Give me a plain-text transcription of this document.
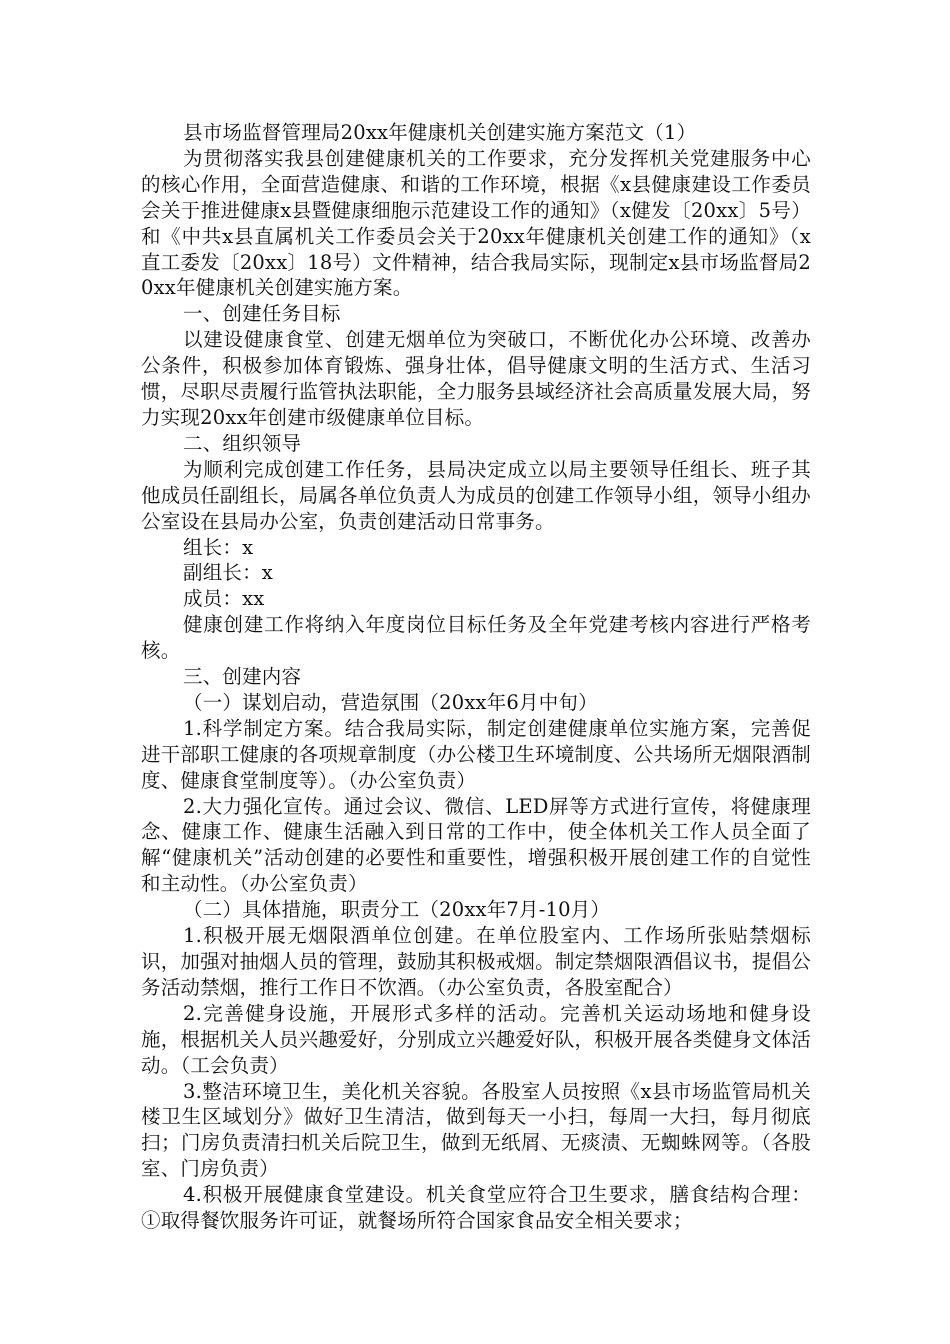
县市场监督管理局20xx年健康机关创建实施方案范文（1）

为贯彻落实我县创建健康机关的工作要求，充分发挥机关党建服务中心的核心作用，全面营造健康、和谐的工作环境，根据《x县健康建设工作委员会关于推进健康x县暨健康细胞示范建设工作的通知》（x健发〔20xx〕5号）和《中共x县直属机关工作委员会关于20xx年健康机关创建工作的通知》（x直工委发〔20xx〕18号）文件精神，结合我局实际，现制定x县市场监督局20xx年健康机关创建实施方案。

一、创建任务目标

以建设健康食堂、创建无烟单位为突破口，不断优化办公环境、改善办公条件，积极参加体育锻炼、强身壮体，倡导健康文明的生活方式、生活习惯，尽职尽责履行监管执法职能，全力服务县域经济社会高质量发展大局，努力实现20xx年创建市级健康单位目标。

二、组织领导

为顺利完成创建工作任务，县局决定成立以局主要领导任组长、班子其他成员任副组长，局属各单位负责人为成员的创建工作领导小组，领导小组办公室设在县局办公室，负责创建活动日常事务。

组长：x

副组长：x

成员：xx

健康创建工作将纳入年度岗位目标任务及全年党建考核内容进行严格考核。

三、创建内容

（一）谋划启动，营造氛围（20xx年6月中旬）

1.科学制定方案。结合我局实际，制定创建健康单位实施方案，完善促进干部职工健康的各项规章制度（办公楼卫生环境制度、公共场所无烟限酒制度、健康食堂制度等）。（办公室负责）

2.大力强化宣传。通过会议、微信、LED屏等方式进行宣传，将健康理念、健康工作、健康生活融入到日常的工作中，使全体机关工作人员全面了解“健康机关”活动创建的必要性和重要性，增强积极开展创建工作的自觉性和主动性。（办公室负责）

（二）具体措施，职责分工（20xx年7月-10月）

1.积极开展无烟限酒单位创建。在单位股室内、工作场所张贴禁烟标识，加强对抽烟人员的管理，鼓励其积极戒烟。制定禁烟限酒倡议书，提倡公务活动禁烟，推行工作日不饮酒。（办公室负责，各股室配合）

2.完善健身设施，开展形式多样的活动。完善机关运动场地和健身设施，根据机关人员兴趣爱好，分别成立兴趣爱好队，积极开展各类健身文体活动。（工会负责）

3.整洁环境卫生，美化机关容貌。各股室人员按照《x县市场监管局机关楼卫生区域划分》做好卫生清洁，做到每天一小扫，每周一大扫，每月彻底扫；门房负责清扫机关后院卫生，做到无纸屑、无痰渍、无蜘蛛网等。（各股室、门房负责）

4.积极开展健康食堂建设。机关食堂应符合卫生要求，膳食结构合理：①取得餐饮服务许可证，就餐场所符合国家食品安全相关要求；
